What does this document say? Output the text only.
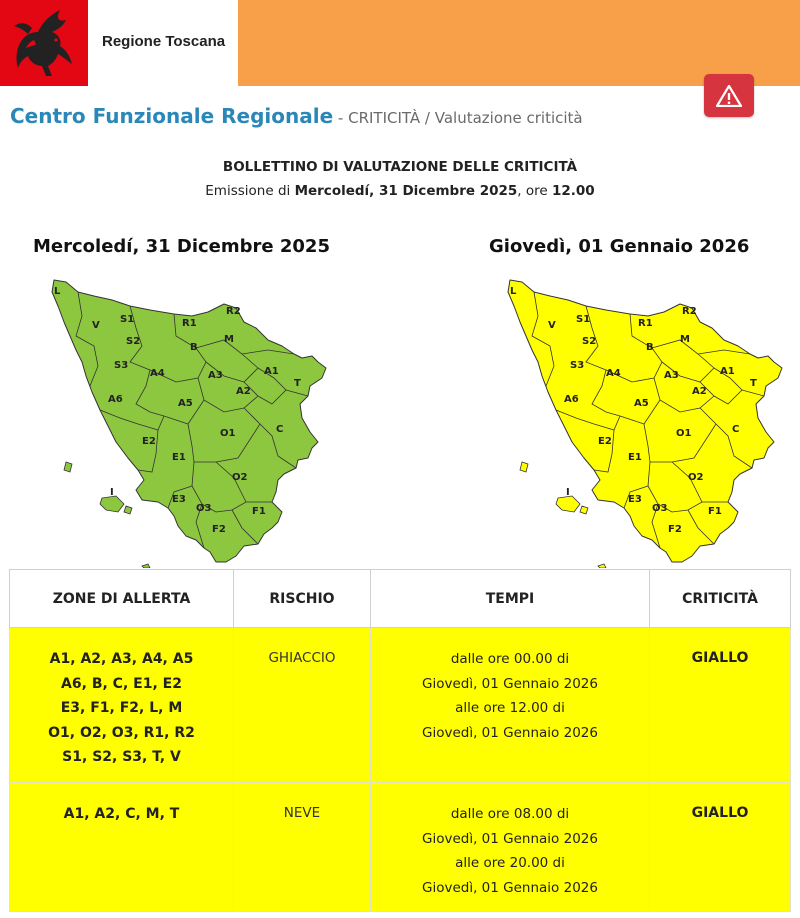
Regione Toscana
Centro Funzionale Regionale - CRITICITÀ / Valutazione criticità
BOLLETTINO DI VALUTAZIONE DELLE CRITICITÀ
Emissione di Mercoledí, 31 Dicembre 2025, ore 12.00
Mercoledí, 31 Dicembre 2025	Giovedì, 01 Gennaio 2026
L
S1
V
S2
R1
R2
B
M
S3
A4	A3	A1
T
A2
A6	A5
O1	C
E2
E1
I
O2
E3
O3	F1
F2
L
S1
V
S2
R1
R2
B
M
S3
A4	A3	A1
T
A2
A6	A5
O1	C
E2
E1
I
O2
E3
O3	F1
F2
ZONE DI ALLERTA	RISCHIO	TEMPI	CRITICITÀ

A1, A2, A3, A4, A5
A6, B, C, E1, E2
E3, F1, F2, L, M
O1, O2, O3, R1, R2
S1, S2, S3, T, V	GHIACCIO	dalle ore 00.00 di
Giovedì, 01 Gennaio 2026
alle ore 12.00 di
Giovedì, 01 Gennaio 2026	GIALLO

A1, A2, C, M, T	NEVE	dalle ore 08.00 di
Giovedì, 01 Gennaio 2026
alle ore 20.00 di
Giovedì, 01 Gennaio 2026	GIALLO
